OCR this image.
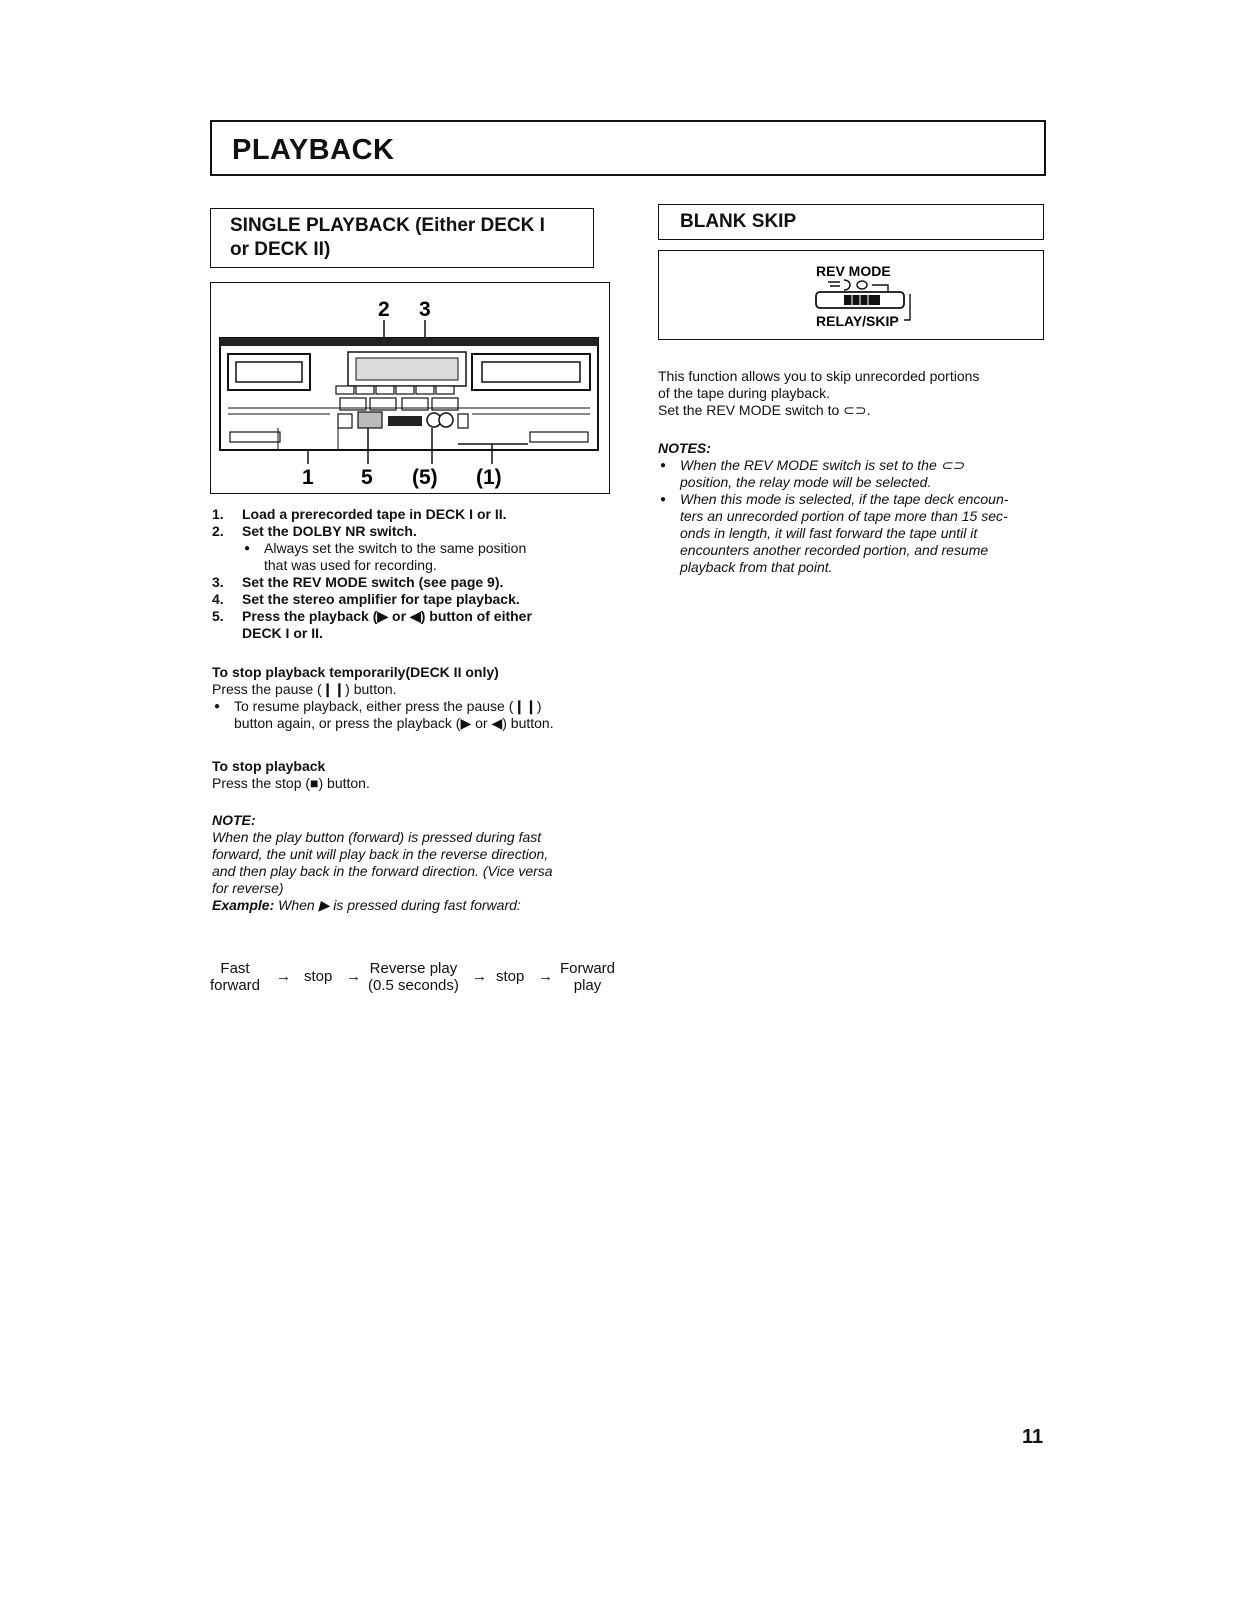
PLAYBACK
SINGLE PLAYBACK (Either DECK I
or DECK II)
2 3
1 5 (5) (1)
1. Load a prerecorded tape in DECK I or II.
2. Set the DOLBY NR switch.
● Always set the switch to the same position
that was used for recording.
3. Set the REV MODE switch (see page 9).
4. Set the stereo amplifier for tape playback.
5. Press the playback (▶ or ◀) button of either
DECK I or II.
To stop playback temporarily(DECK II only)
Press the pause (❙❙) button.
● To resume playback, either press the pause (❙❙)
button again, or press the playback (▶ or ◀) button.
To stop playback
Press the stop (■) button.
NOTE:
When the play button (forward) is pressed during fast
forward, the unit will play back in the reverse direction,
and then play back in the forward direction. (Vice versa
for reverse)
Example: When ▶ is pressed during fast forward:
Fast
forward
→ stop → Reverse play
(0.5 seconds)
→ stop → Forward
play
BLANK SKIP
REV MODE
RELAY/SKIP
This function allows you to skip unrecorded portions
of the tape during playback.
Set the REV MODE switch to ⊂⊃.
NOTES:
● When the REV MODE switch is set to the ⊂⊃
position, the relay mode will be selected.
● When this mode is selected, if the tape deck encoun-
ters an unrecorded portion of tape more than 15 sec-
onds in length, it will fast forward the tape until it
encounters another recorded portion, and resume
playback from that point.
11
